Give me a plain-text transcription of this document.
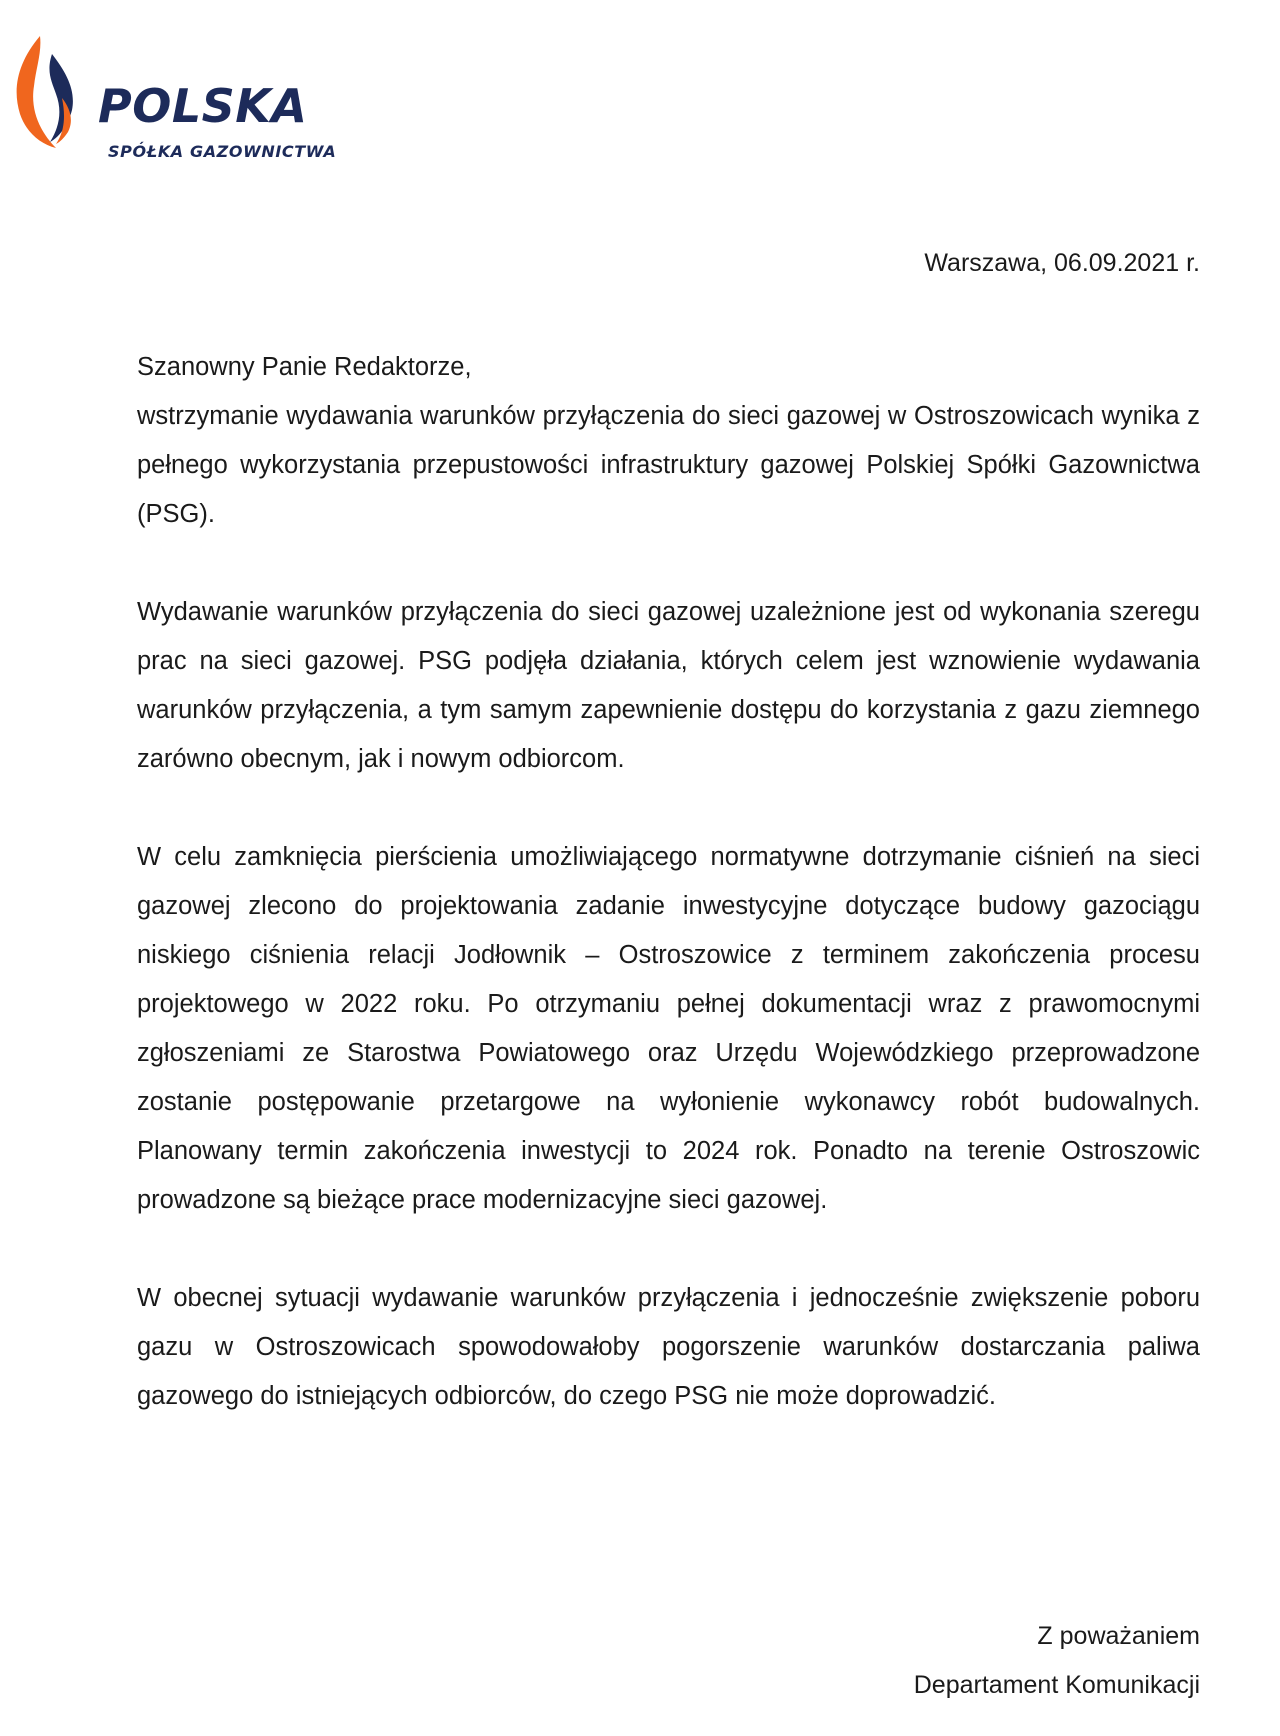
POLSKA
SPÓŁKA GAZOWNICTWA
Warszawa, 06.09.2021 r.
Szanowny Panie Redaktorze,

wstrzymanie wydawania warunków przyłączenia do sieci gazowej w Ostroszowicach wynika z pełnego wykorzystania przepustowości infrastruktury gazowej Polskiej Spółki Gazownictwa (PSG).

Wydawanie warunków przyłączenia do sieci gazowej uzależnione jest od wykonania szeregu prac na sieci gazowej. PSG podjęła działania, których celem jest wznowienie wydawania warunków przyłączenia, a tym samym zapewnienie dostępu do korzystania z gazu ziemnego zarówno obecnym, jak i nowym odbiorcom.

W celu zamknięcia pierścienia umożliwiającego normatywne dotrzymanie ciśnień na sieci gazowej zlecono do projektowania zadanie inwestycyjne dotyczące budowy gazociągu niskiego ciśnienia relacji Jodłownik – Ostroszowice z terminem zakończenia procesu projektowego w 2022 roku. Po otrzymaniu pełnej dokumentacji wraz z prawomocnymi zgłoszeniami ze Starostwa Powiatowego oraz Urzędu Wojewódzkiego przeprowadzone zostanie postępowanie przetargowe na wyłonienie wykonawcy robót budowalnych. Planowany termin zakończenia inwestycji to 2024 rok. Ponadto na terenie Ostroszowic prowadzone są bieżące prace modernizacyjne sieci gazowej.

W obecnej sytuacji wydawanie warunków przyłączenia i jednocześnie zwiększenie poboru gazu w Ostroszowicach spowodowałoby pogorszenie warunków dostarczania paliwa gazowego do istniejących odbiorców, do czego PSG nie może doprowadzić.

Z poważaniem
Departament Komunikacji
